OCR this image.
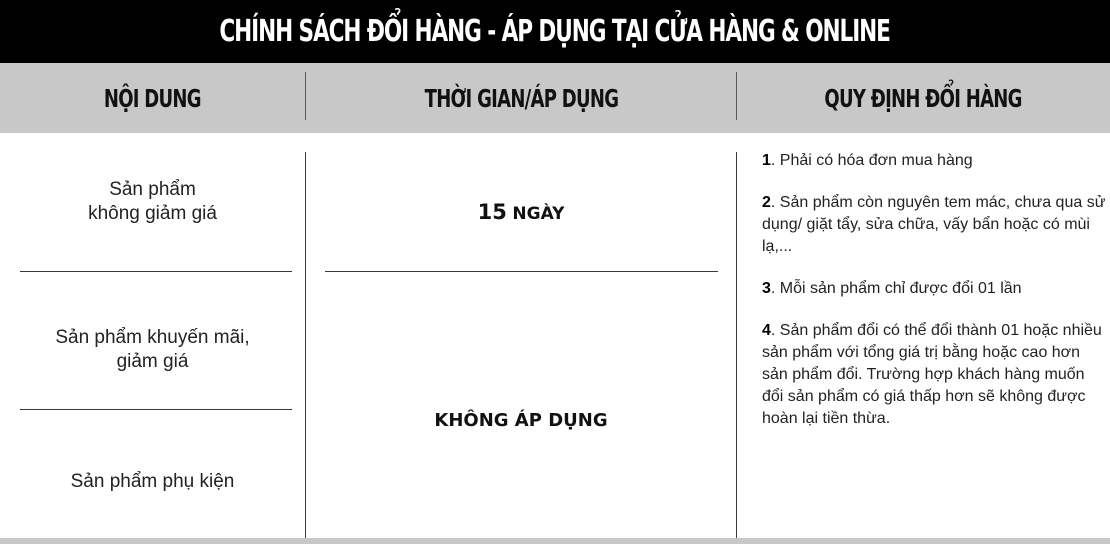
CHÍNH SÁCH ĐỔI HÀNG - ÁP DỤNG TẠI CỬA HÀNG & ONLINE
NỘI DUNG	THỜI GIAN/ÁP DỤNG	QUY ĐỊNH ĐỔI HÀNG
Sản phẩm
không giảm giá
Sản phẩm khuyến mãi,
giảm giá
Sản phẩm phụ kiện
15 NGÀY
KHÔNG ÁP DỤNG
1. Phải có hóa đơn mua hàng
2. Sản phẩm còn nguyên tem mác, chưa qua sử dụng/ giặt tẩy, sửa chữa, vấy bẩn hoặc có mùi lạ,...
3. Mỗi sản phẩm chỉ được đổi 01 lần
4. Sản phẩm đổi có thể đổi thành 01 hoặc nhiều sản phẩm với tổng giá trị bằng hoặc cao hơn sản phẩm đổi. Trường hợp khách hàng muốn đổi sản phẩm có giá thấp hơn sẽ không được hoàn lại tiền thừa.
